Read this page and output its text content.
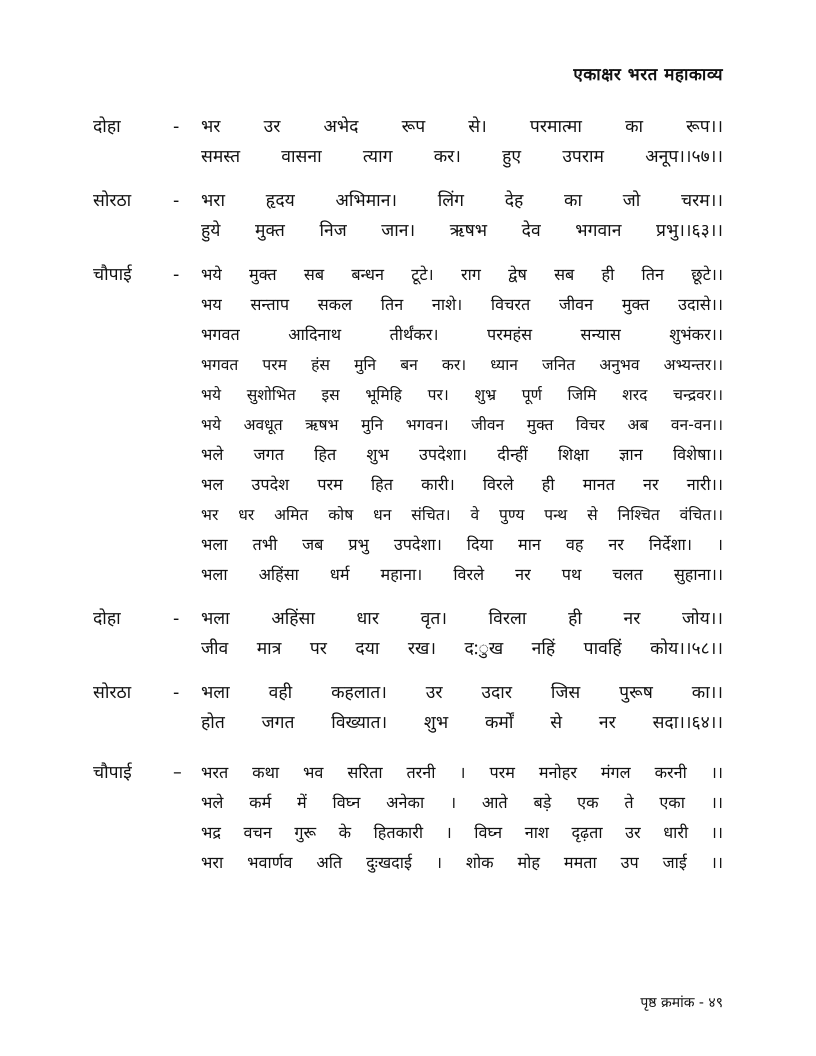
एकाक्षर भरत महाकाव्य
दोहा	-	भर उर अभेद रूप से। परमात्मा का रूप।।
समस्त वासना त्याग कर। हुए उपराम अनूप।।५७।।
सोरठा	-	भरा हृदय अभिमान। लिंग देह का जो चरम।।
हुये मुक्त निज जान। ऋषभ देव भगवान प्रभु।।६३।।
चौपाई	-	भये मुक्त सब बन्धन टूटे। राग द्वेष सब ही तिन छूटे।।
भय सन्ताप सकल तिन नाशे। विचरत जीवन मुक्त उदासे।।
भगवत आदिनाथ तीर्थंकर। परमहंस सन्यास शुभंकर।।
भगवत परम हंस मुनि बन कर। ध्यान जनित अनुभव अभ्यन्तर।।
भये सुशोभित इस भूमिहि पर। शुभ्र पूर्ण जिमि शरद चन्द्रवर।।
भये अवधूत ऋषभ मुनि भगवन। जीवन मुक्त विचर अब वन-वन।।
भले जगत हित शुभ उपदेशा। दीन्हीं शिक्षा ज्ञान विशेषा।।
भल उपदेश परम हित कारी। विरले ही मानत नर नारी।।
भर धर अमित कोष धन संचित। वे पुण्य पन्थ से निश्चित वंचित।।
भला तभी जब प्रभु उपदेशा। दिया मान वह नर निर्देशा। ।
भला अहिंसा धर्म महाना। विरले नर पथ चलत सुहाना।।
दोहा	-	भला अहिंसा धार वृत। विरला ही नर जोय।।
जीव मात्र पर दया रख। द:ुख नहिं पावहिं कोय।।५८।।
सोरठा	-	भला वही कहलात। उर उदार जिस पुरूष का।।
होत जगत विख्यात। शुभ कर्मों से नर सदा।।६४।।
चौपाई	–	भरत कथा भव सरिता तरनी । परम मनोहर मंगल करनी ।।
भले कर्म में विघ्न अनेका । आते बड़े एक ते एका ।।
भद्र वचन गुरू के हितकारी । विघ्न नाश दृढ़ता उर धारी ।।
भरा भवार्णव अति दुःखदाई । शोक मोह ममता उप जाई ।।
पृष्ठ क्रमांक - ४९
